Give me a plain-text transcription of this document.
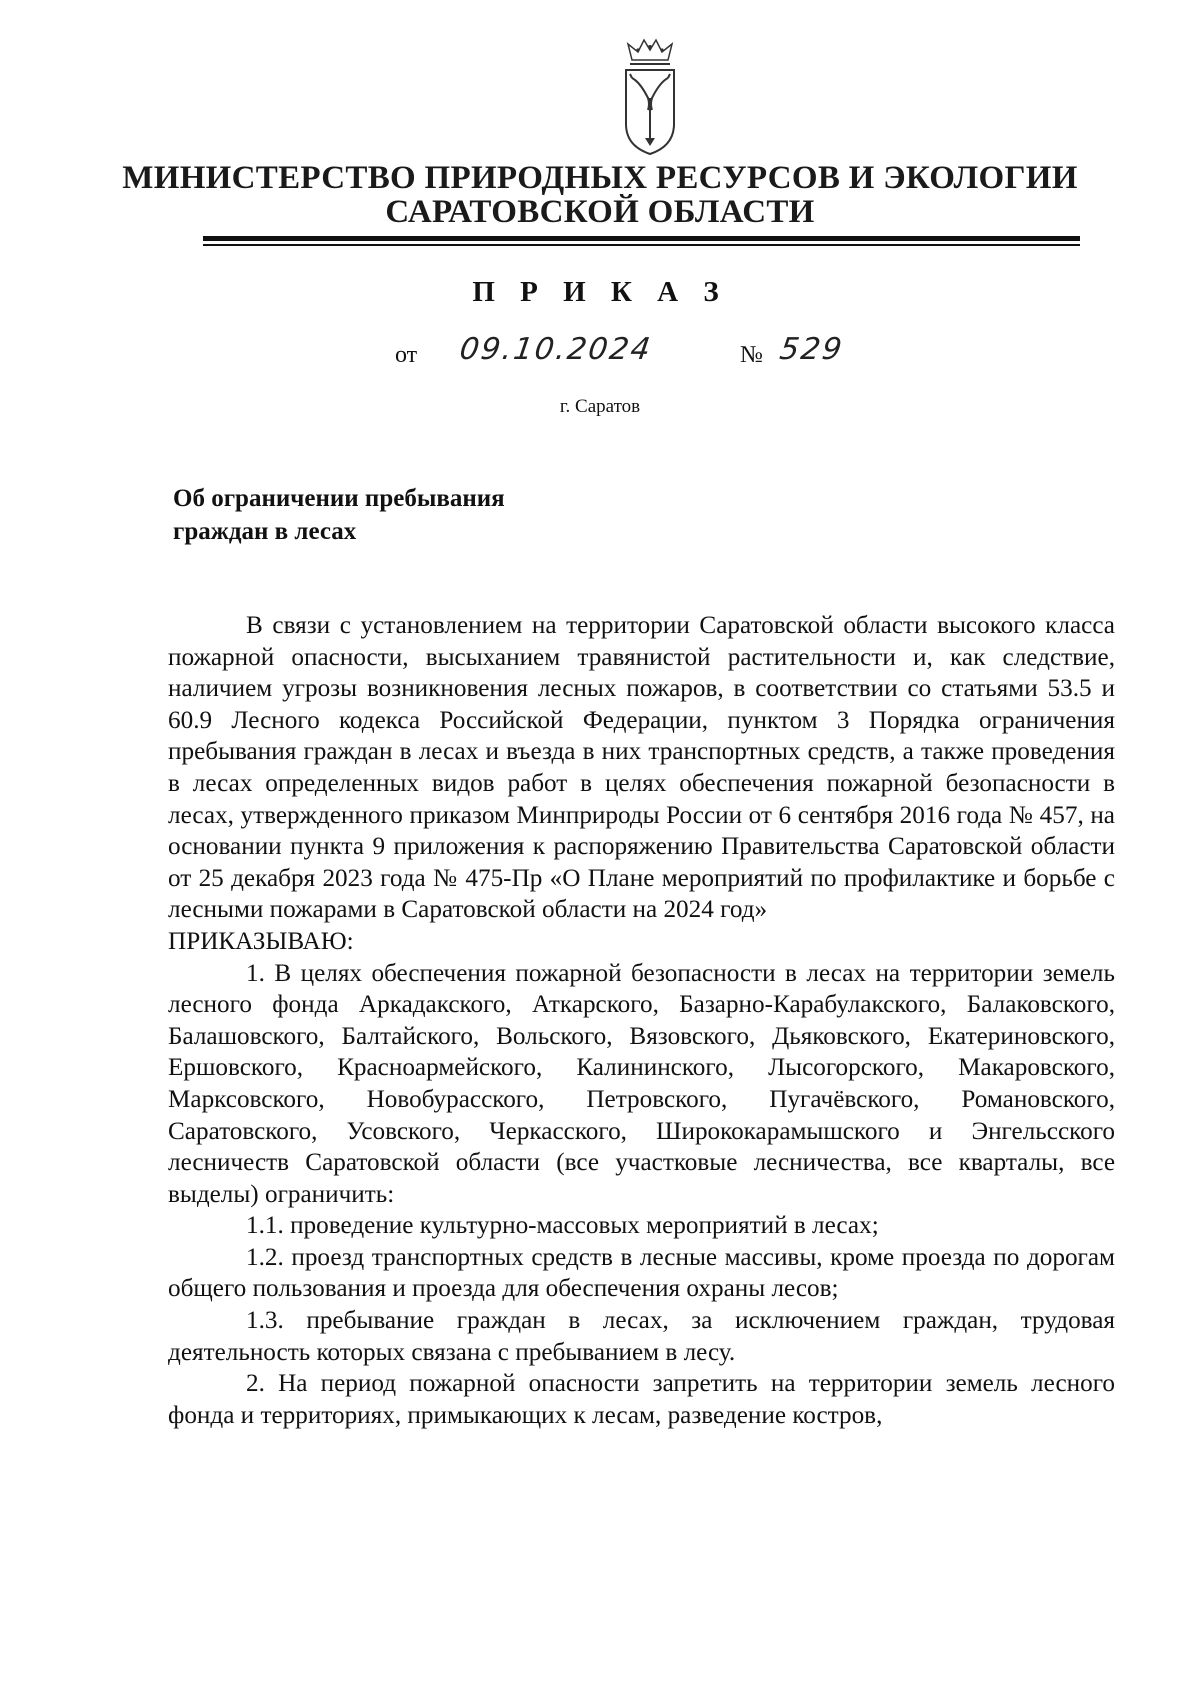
МИНИСТЕРСТВО ПРИРОДНЫХ РЕСУРСОВ И ЭКОЛОГИИ
САРАТОВСКОЙ ОБЛАСТИ
П Р И К А З
от 09.10.2024	№ 529
г. Саратов
Об ограничении пребывания
граждан в лесах

В связи с установлением на территории Саратовской области высокого класса пожарной опасности, высыханием травянистой растительности и, как следствие, наличием угрозы возникновения лесных пожаров, в соответствии со статьями 53.5 и 60.9 Лесного кодекса Российской Федерации, пунктом 3 Порядка ограничения пребывания граждан в лесах и въезда в них транспортных средств, а также проведения в лесах определенных видов работ в целях обеспечения пожарной безопасности в лесах, утвержденного приказом Минприроды России от 6 сентября 2016 года № 457, на основании пункта 9 приложения к распоряжению Правительства Саратовской области от 25 декабря 2023 года № 475-Пр «О Плане мероприятий по профилактике и борьбе с лесными пожарами в Саратовской области на 2024 год»

ПРИКАЗЫВАЮ:

1. В целях обеспечения пожарной безопасности в лесах на территории земель лесного фонда Аркадакского, Аткарского, Базарно-Карабулакского, Балаковского, Балашовского, Балтайского, Вольского, Вязовского, Дьяковского, Екатериновского, Ершовского, Красноармейского, Калининского, Лысогорского, Макаровского, Марксовского, Новобурасского, Петровского, Пугачёвского, Романовского, Саратовского, Усовского, Черкасского, Ширококарамышского и Энгельсского лесничеств Саратовской области (все участковые лесничества, все кварталы, все выделы) ограничить:

1.1. проведение культурно-массовых мероприятий в лесах;

1.2. проезд транспортных средств в лесные массивы, кроме проезда по дорогам общего пользования и проезда для обеспечения охраны лесов;

1.3. пребывание граждан в лесах, за исключением граждан, трудовая деятельность которых связана с пребыванием в лесу.

2. На период пожарной опасности запретить на территории земель лесного фонда и территориях, примыкающих к лесам, разведение костров,
